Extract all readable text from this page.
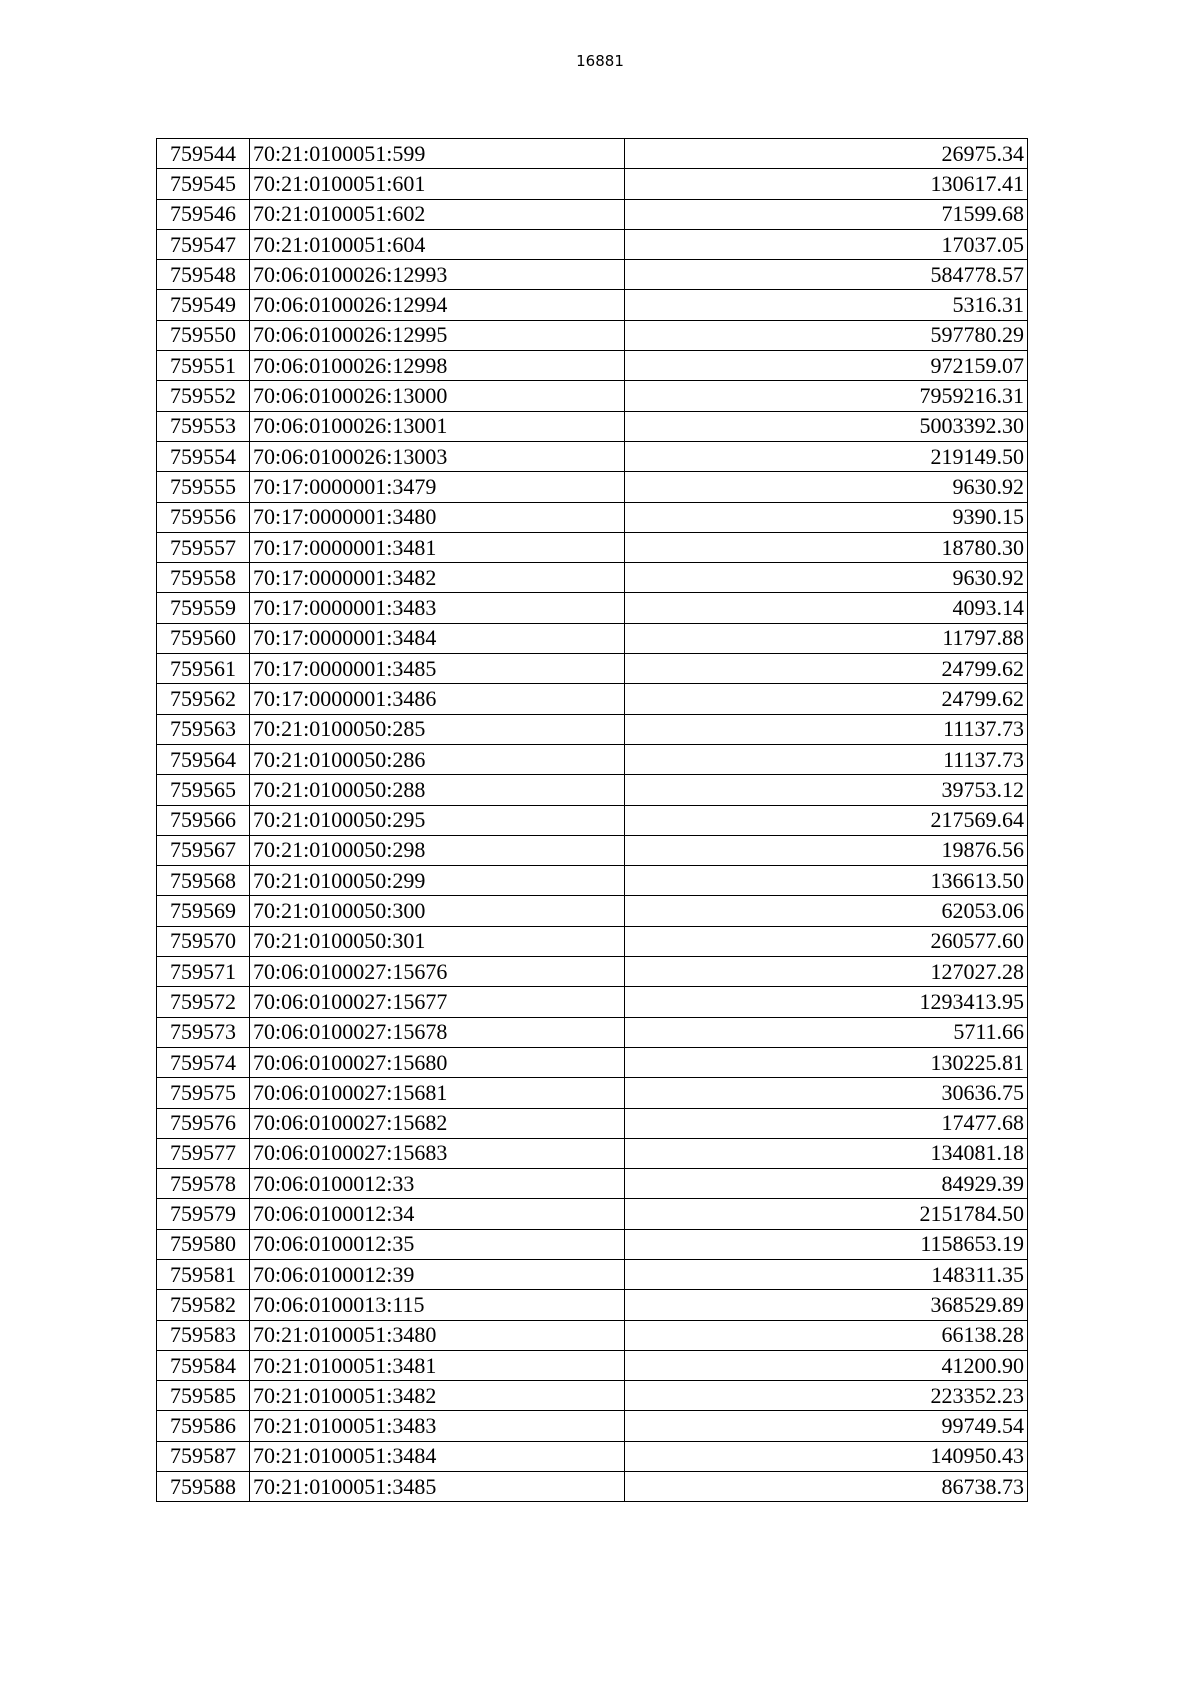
16881
759544	70:21:0100051:599	26975.34
759545	70:21:0100051:601	130617.41
759546	70:21:0100051:602	71599.68
759547	70:21:0100051:604	17037.05
759548	70:06:0100026:12993	584778.57
759549	70:06:0100026:12994	5316.31
759550	70:06:0100026:12995	597780.29
759551	70:06:0100026:12998	972159.07
759552	70:06:0100026:13000	7959216.31
759553	70:06:0100026:13001	5003392.30
759554	70:06:0100026:13003	219149.50
759555	70:17:0000001:3479	9630.92
759556	70:17:0000001:3480	9390.15
759557	70:17:0000001:3481	18780.30
759558	70:17:0000001:3482	9630.92
759559	70:17:0000001:3483	4093.14
759560	70:17:0000001:3484	11797.88
759561	70:17:0000001:3485	24799.62
759562	70:17:0000001:3486	24799.62
759563	70:21:0100050:285	11137.73
759564	70:21:0100050:286	11137.73
759565	70:21:0100050:288	39753.12
759566	70:21:0100050:295	217569.64
759567	70:21:0100050:298	19876.56
759568	70:21:0100050:299	136613.50
759569	70:21:0100050:300	62053.06
759570	70:21:0100050:301	260577.60
759571	70:06:0100027:15676	127027.28
759572	70:06:0100027:15677	1293413.95
759573	70:06:0100027:15678	5711.66
759574	70:06:0100027:15680	130225.81
759575	70:06:0100027:15681	30636.75
759576	70:06:0100027:15682	17477.68
759577	70:06:0100027:15683	134081.18
759578	70:06:0100012:33	84929.39
759579	70:06:0100012:34	2151784.50
759580	70:06:0100012:35	1158653.19
759581	70:06:0100012:39	148311.35
759582	70:06:0100013:115	368529.89
759583	70:21:0100051:3480	66138.28
759584	70:21:0100051:3481	41200.90
759585	70:21:0100051:3482	223352.23
759586	70:21:0100051:3483	99749.54
759587	70:21:0100051:3484	140950.43
759588	70:21:0100051:3485	86738.73
